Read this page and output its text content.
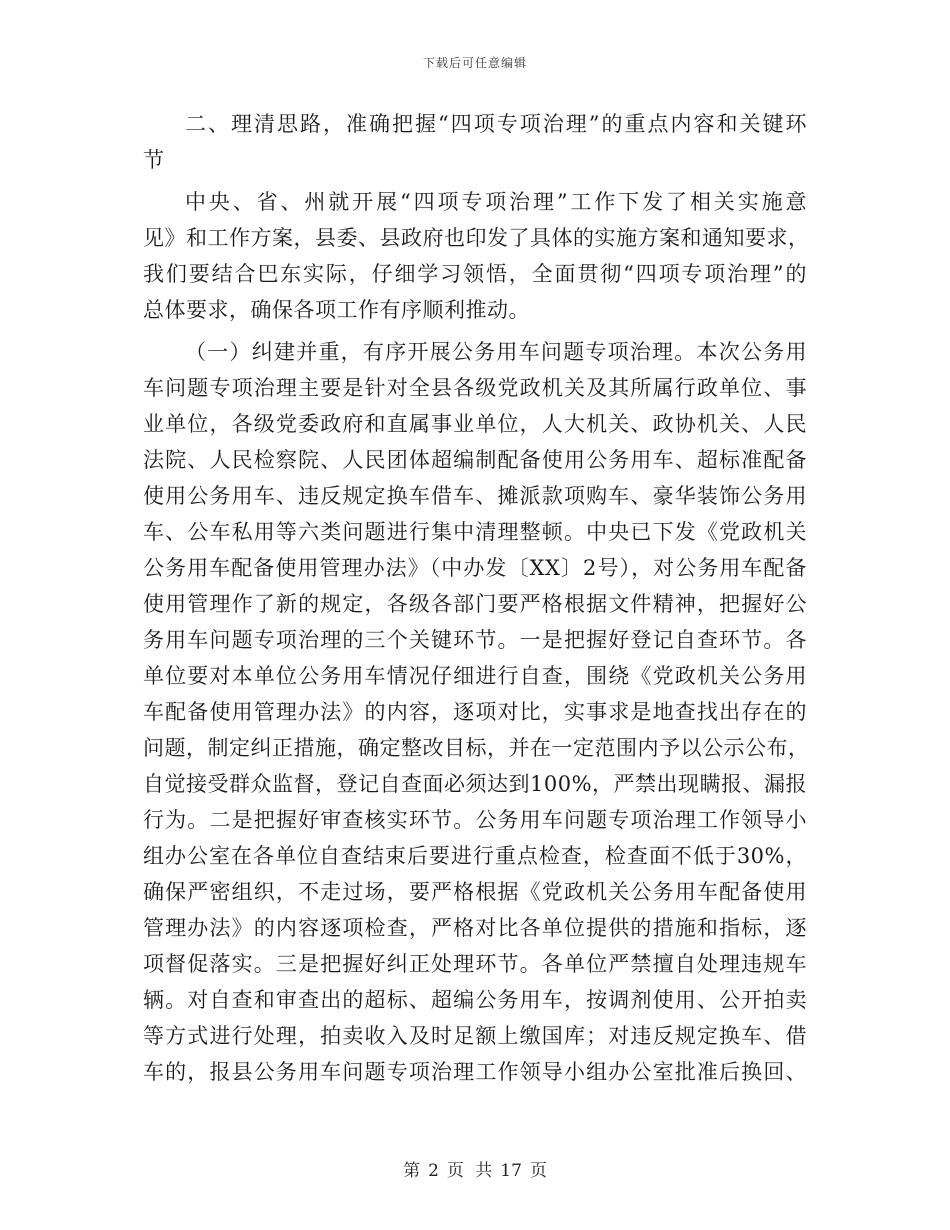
下载后可任意编辑
二、理清思路，准确把握“四项专项治理”的重点内容和关键环
节
中央、省、州就开展“四项专项治理”工作下发了相关实施意
见》和工作方案，县委、县政府也印发了具体的实施方案和通知要求，
我们要结合巴东实际，仔细学习领悟，全面贯彻“四项专项治理”的
总体要求，确保各项工作有序顺利推动。
（一）纠建并重，有序开展公务用车问题专项治理。本次公务用
车问题专项治理主要是针对全县各级党政机关及其所属行政单位、事
业单位，各级党委政府和直属事业单位，人大机关、政协机关、人民
法院、人民检察院、人民团体超编制配备使用公务用车、超标准配备
使用公务用车、违反规定换车借车、摊派款项购车、豪华装饰公务用
车、公车私用等六类问题进行集中清理整顿。中央已下发《党政机关
公务用车配备使用管理办法》（中办发〔XX〕2号），对公务用车配备
使用管理作了新的规定，各级各部门要严格根据文件精神，把握好公
务用车问题专项治理的三个关键环节。一是把握好登记自查环节。各
单位要对本单位公务用车情况仔细进行自查，围绕《党政机关公务用
车配备使用管理办法》的内容，逐项对比，实事求是地查找出存在的
问题，制定纠正措施，确定整改目标，并在一定范围内予以公示公布，
自觉接受群众监督，登记自查面必须达到100%，严禁出现瞒报、漏报
行为。二是把握好审查核实环节。公务用车问题专项治理工作领导小
组办公室在各单位自查结束后要进行重点检查，检查面不低于30%，
确保严密组织，不走过场，要严格根据《党政机关公务用车配备使用
管理办法》的内容逐项检查，严格对比各单位提供的措施和指标，逐
项督促落实。三是把握好纠正处理环节。各单位严禁擅自处理违规车
辆。对自查和审查出的超标、超编公务用车，按调剂使用、公开拍卖
等方式进行处理，拍卖收入及时足额上缴国库；对违反规定换车、借
车的，报县公务用车问题专项治理工作领导小组办公室批准后换回、
第 2 页 共 17 页
